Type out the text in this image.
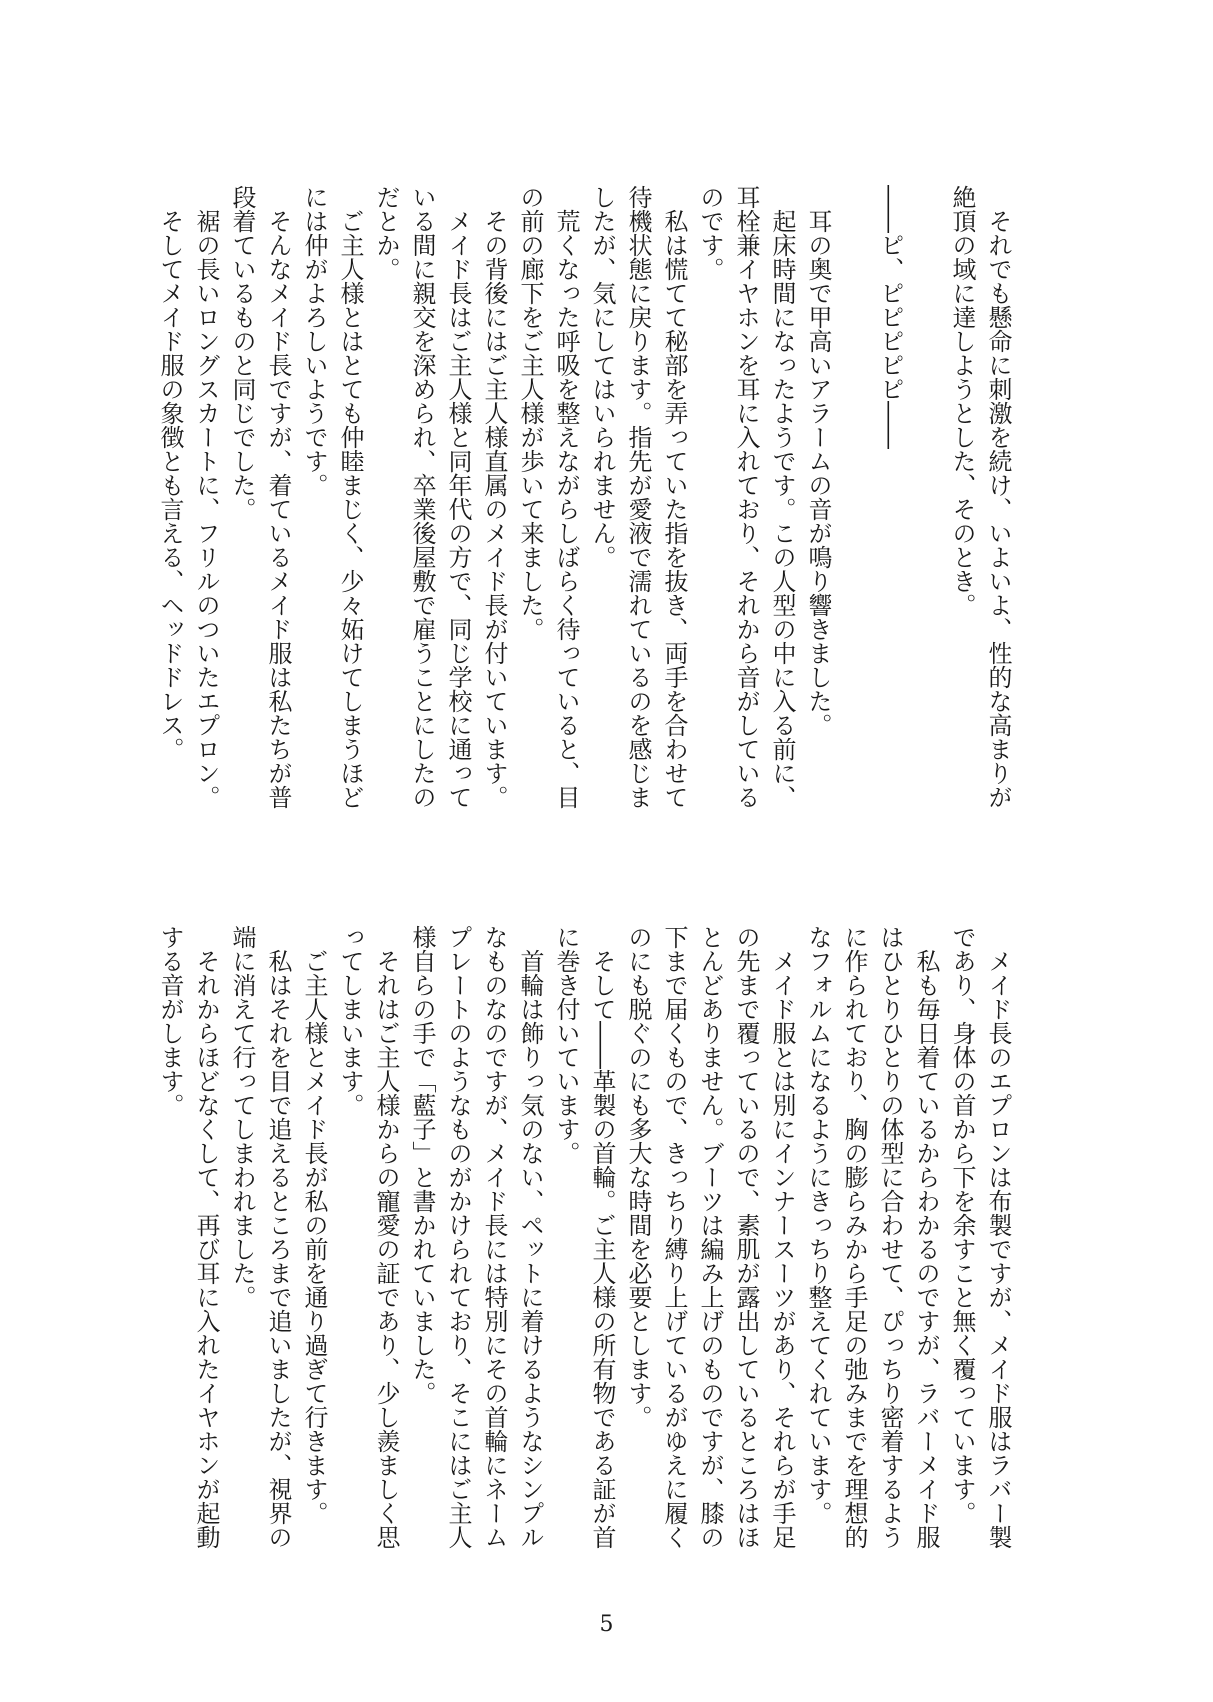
　それでも懸命に刺激を続け、いよいよ、性的な高まりが
絶頂の域に達しようとした、そのとき。
――ピ、ピピピピピ――
　耳の奥で甲高いアラームの音が鳴り響きました。
　起床時間になったようです。この人型の中に入る前に、
耳栓兼イヤホンを耳に入れており、それから音がしている
のです。
　私は慌てて秘部を弄っていた指を抜き、両手を合わせて
待機状態に戻ります。指先が愛液で濡れているのを感じま
したが、気にしてはいられません。
　荒くなった呼吸を整えながらしばらく待っていると、目
の前の廊下をご主人様が歩いて来ました。
　その背後にはご主人様直属のメイド長が付いています。
　メイド長はご主人様と同年代の方で、同じ学校に通って
いる間に親交を深められ、卒業後屋敷で雇うことにしたの
だとか。
　ご主人様とはとても仲睦まじく、少々妬けてしまうほど
には仲がよろしいようです。
　そんなメイド長ですが、着ているメイド服は私たちが普
段着ているものと同じでした。
　裾の長いロングスカートに、フリルのついたエプロン。
　そしてメイド服の象徴とも言える、ヘッドドレス。
　メイド長のエプロンは布製ですが、メイド服はラバー製
であり、身体の首から下を余すこと無く覆っています。
　私も毎日着ているからわかるのですが、ラバーメイド服
はひとりひとりの体型に合わせて、ぴっちり密着するよう
に作られており、胸の膨らみから手足の弛みまでを理想的
なフォルムになるようにきっちり整えてくれています。
　メイド服とは別にインナースーツがあり、それらが手足
の先まで覆っているので、素肌が露出しているところはほ
とんどありません。ブーツは編み上げのものですが、膝の
下まで届くもので、きっちり縛り上げているがゆえに履く
のにも脱ぐのにも多大な時間を必要とします。
　そして――革製の首輪。ご主人様の所有物である証が首
に巻き付いています。
　首輪は飾りっ気のない、ペットに着けるようなシンプル
なものなのですが、メイド長には特別にその首輪にネーム
プレートのようなものがかけられており、そこにはご主人
様自らの手で「藍子」と書かれていました。
　それはご主人様からの寵愛の証であり、少し羨ましく思
ってしまいます。
　ご主人様とメイド長が私の前を通り過ぎて行きます。
　私はそれを目で追えるところまで追いましたが、視界の
端に消えて行ってしまわれました。
　それからほどなくして、再び耳に入れたイヤホンが起動
する音がします。
5
